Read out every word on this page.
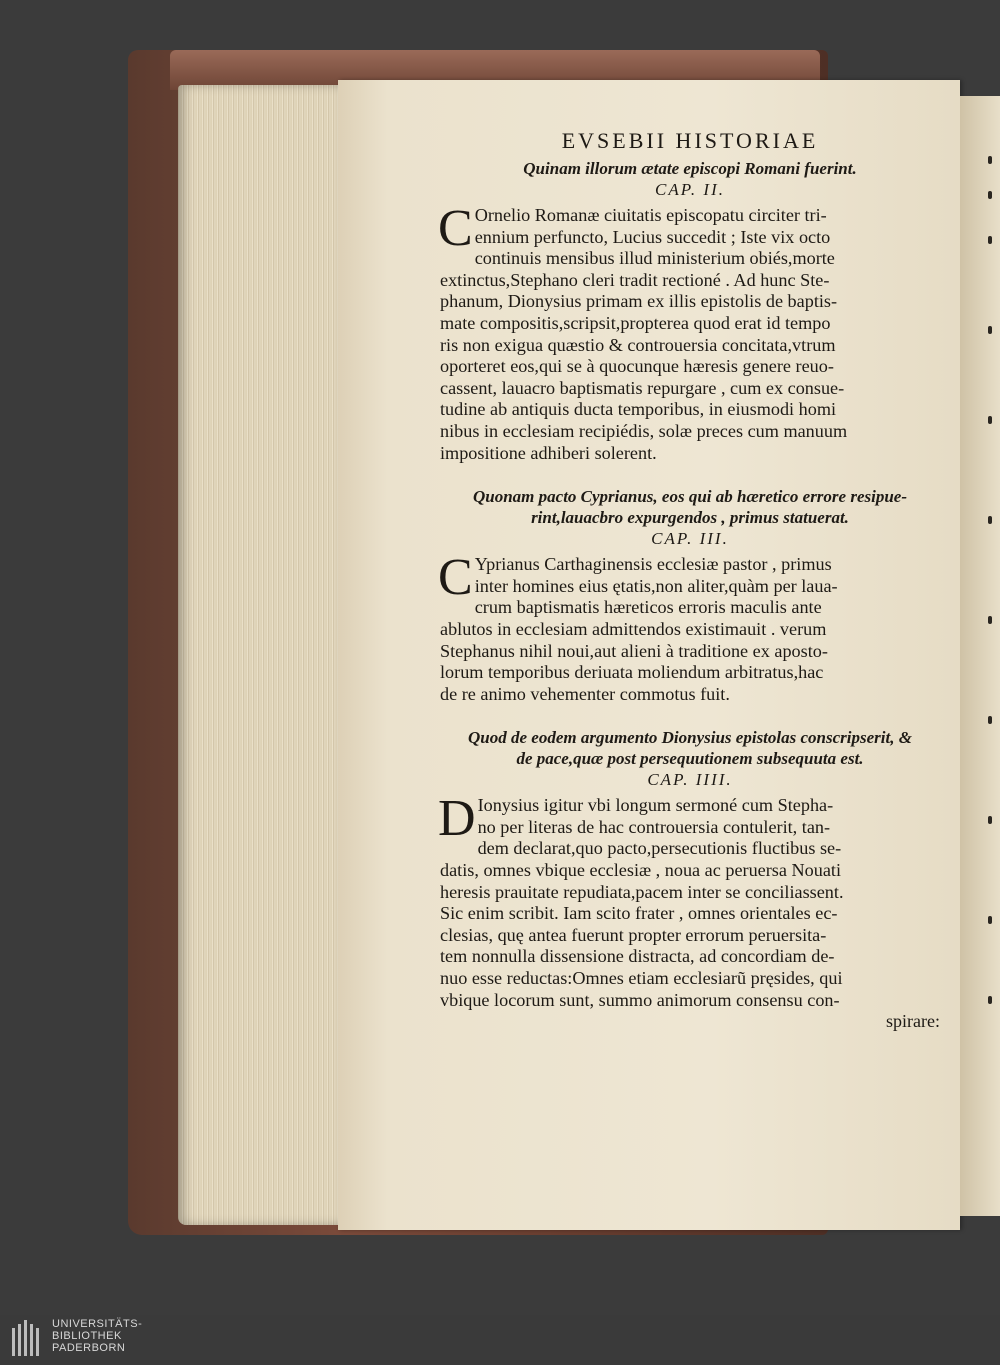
EVSEBII HISTORIAE

Quinam illorum ætate episcopi Romani fuerint.

CAP. II.

C Ornelio Romanæ ciuitatis episcopatu circiter tri-
ennium perfuncto, Lucius succedit ; Iste vix octo
continuis mensibus illud ministerium obiés,morte
extinctus,Stephano cleri tradit rectioné . Ad hunc Ste-
phanum, Dionysius primam ex illis epistolis de baptis-
mate compositis,scripsit,propterea quod erat id tempo
ris non exigua quæstio & controuersia concitata,vtrum
oporteret eos,qui se à quocunque hæresis genere reuo-
cassent, lauacro baptismatis repurgare , cum ex consue-
tudine ab antiquis ducta temporibus, in eiusmodi homi
nibus in ecclesiam recipiédis, solæ preces cum manuum
impositione adhiberi solerent.

Quonam pacto Cyprianus, eos qui ab hæretico errore resipue-
rint,lauacbro expurgendos , primus statuerat.

CAP. III.

C Yprianus Carthaginensis ecclesiæ pastor , primus
inter homines eius ętatis,non aliter,quàm per laua-
crum baptismatis hæreticos erroris maculis ante
ablutos in ecclesiam admittendos existimauit . verum
Stephanus nihil noui,aut alieni à traditione ex aposto-
lorum temporibus deriuata moliendum arbitratus,hac
de re animo vehementer commotus fuit.

Quod de eodem argumento Dionysius epistolas conscripserit, &
de pace,quæ post persequutionem subsequuta est.

CAP. IIII.

D Ionysius igitur vbi longum sermoné cum Stepha-
no per literas de hac controuersia contulerit, tan-
dem declarat,quo pacto,persecutionis fluctibus se-
datis, omnes vbique ecclesiæ , noua ac peruersa Nouati
heresis prauitate repudiata,pacem inter se conciliassent.
Sic enim scribit. Iam scito frater , omnes orientales ec-
clesias, quę antea fuerunt propter errorum peruersita-
tem nonnulla dissensione distracta, ad concordiam de-
nuo esse reductas:Omnes etiam ecclesiarũ pręsides, qui
vbique locorum sunt, summo animorum consensu con-
spirare:
UNIVERSITÄTS-
BIBLIOTHEK
PADERBORN
